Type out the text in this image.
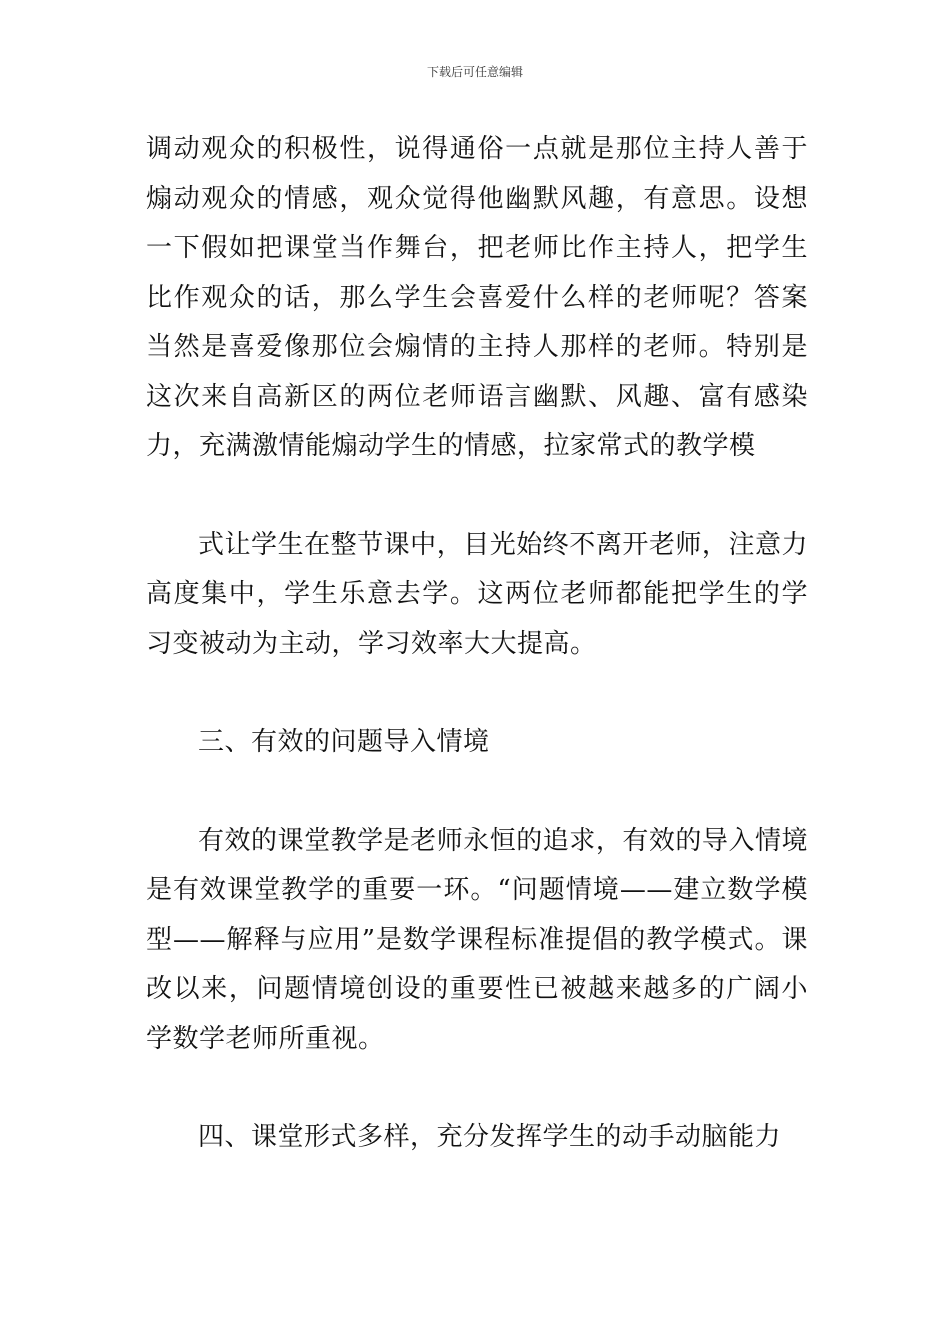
下载后可任意编辑

调动观众的积极性，说得通俗一点就是那位主持人善于煽动观众的情感，观众觉得他幽默风趣，有意思。设想一下假如把课堂当作舞台，把老师比作主持人，把学生比作观众的话，那么学生会喜爱什么样的老师呢？答案当然是喜爱像那位会煽情的主持人那样的老师。特别是这次来自高新区的两位老师语言幽默、风趣、富有感染力，充满激情能煽动学生的情感，拉家常式的教学模

式让学生在整节课中，目光始终不离开老师，注意力高度集中，学生乐意去学。这两位老师都能把学生的学习变被动为主动，学习效率大大提高。

三、有效的问题导入情境

有效的课堂教学是老师永恒的追求，有效的导入情境是有效课堂教学的重要一环。“问题情境——建立数学模型——解释与应用”是数学课程标准提倡的教学模式。课改以来，问题情境创设的重要性已被越来越多的广阔小学数学老师所重视。

四、课堂形式多样，充分发挥学生的动手动脑能力
